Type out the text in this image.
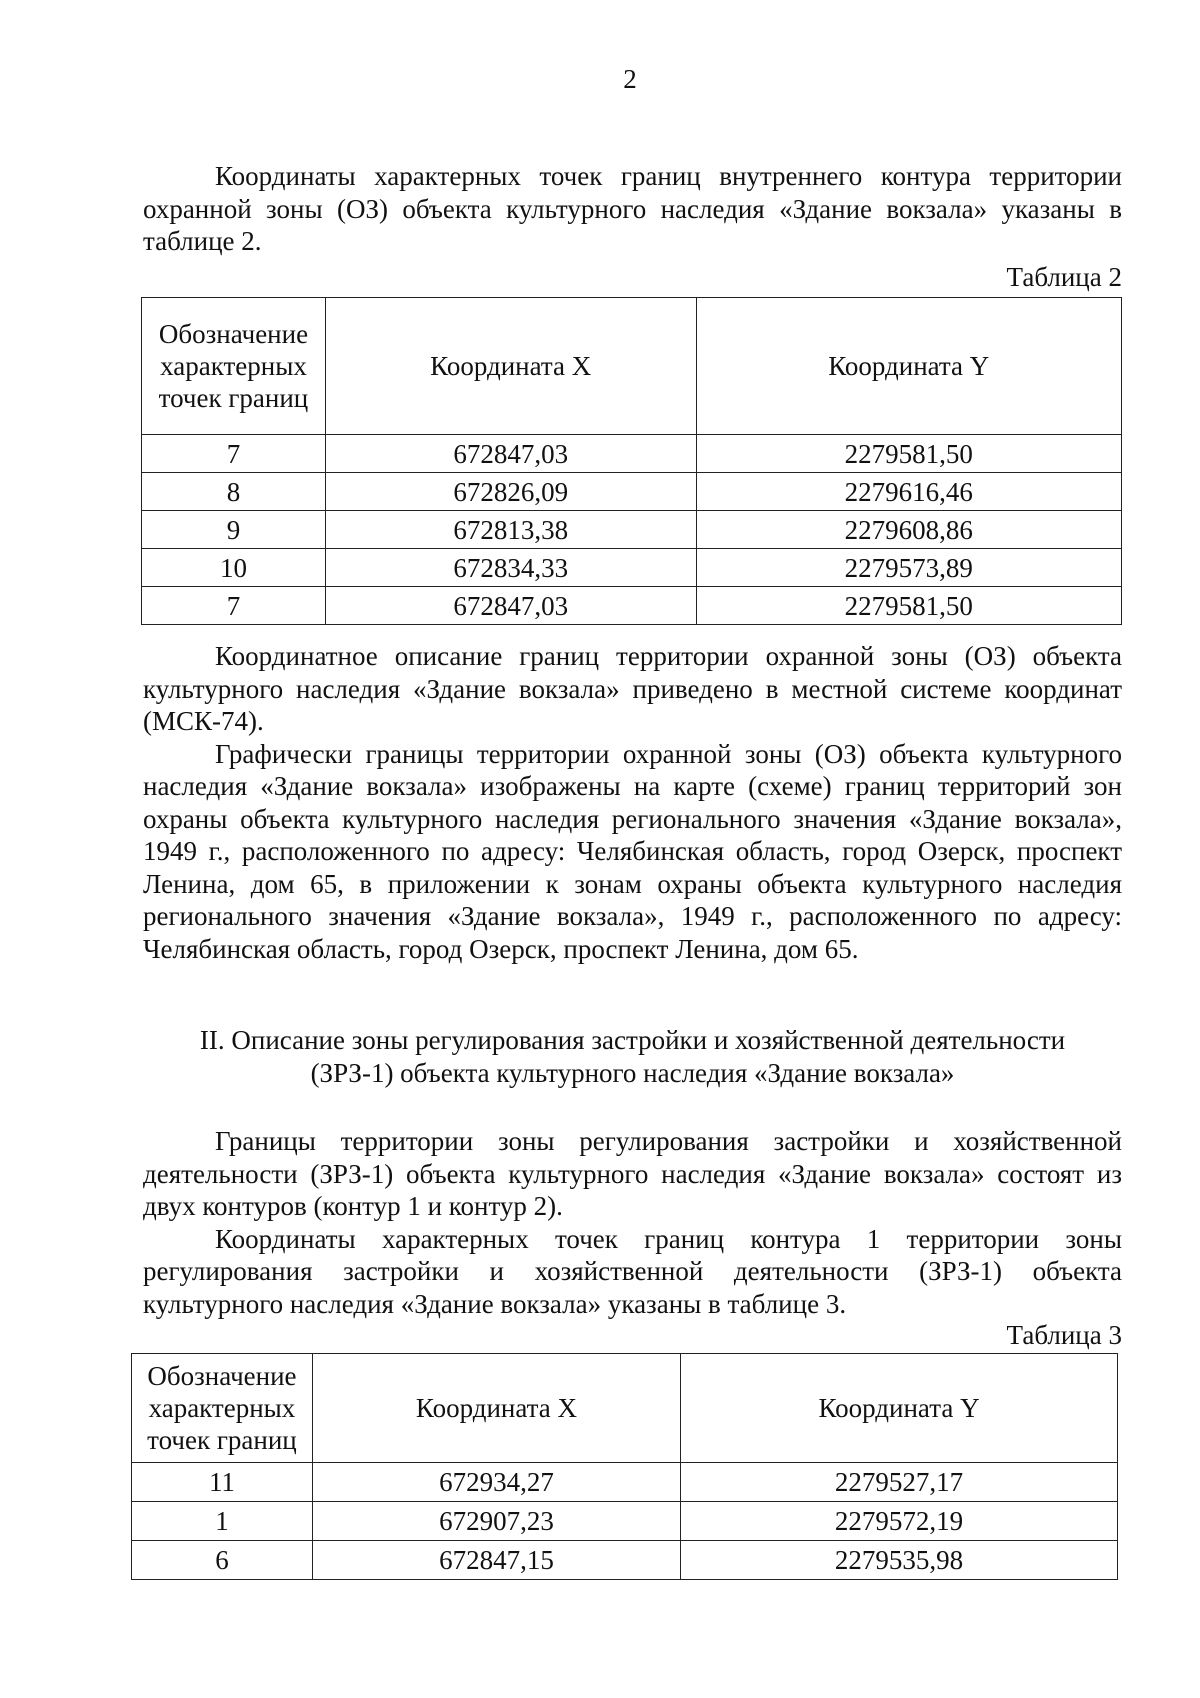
2

Координаты характерных точек границ внутреннего контура территории охранной зоны (ОЗ) объекта культурного наследия «Здание вокзала» указаны в таблице 2.

Таблица 2
Обозначение характерных точек границ	Координата X	Координата Y
7	672847,03	2279581,50
8	672826,09	2279616,46
9	672813,38	2279608,86
10	672834,33	2279573,89
7	672847,03	2279581,50

Координатное описание границ территории охранной зоны (ОЗ) объекта культурного наследия «Здание вокзала» приведено в местной системе координат (МСК-74).

Графически границы территории охранной зоны (ОЗ) объекта культурного наследия «Здание вокзала» изображены на карте (схеме) границ территорий зон охраны объекта культурного наследия регионального значения «Здание вокзала», 1949 г., расположенного по адресу: Челябинская область, город Озерск, проспект Ленина, дом 65, в приложении к зонам охраны объекта культурного наследия регионального значения «Здание вокзала», 1949 г., расположенного по адресу: Челябинская область, город Озерск, проспект Ленина, дом 65.

II. Описание зоны регулирования застройки и хозяйственной деятельности
(ЗРЗ-1) объекта культурного наследия «Здание вокзала»

Границы территории зоны регулирования застройки и хозяйственной деятельности (ЗРЗ-1) объекта культурного наследия «Здание вокзала» состоят из двух контуров (контур 1 и контур 2).

Координаты характерных точек границ контура 1 территории зоны регулирования застройки и хозяйственной деятельности (ЗРЗ-1) объекта культурного наследия «Здание вокзала» указаны в таблице 3.

Таблица 3
Обозначение характерных точек границ	Координата X	Координата Y
11	672934,27	2279527,17
1	672907,23	2279572,19
6	672847,15	2279535,98
